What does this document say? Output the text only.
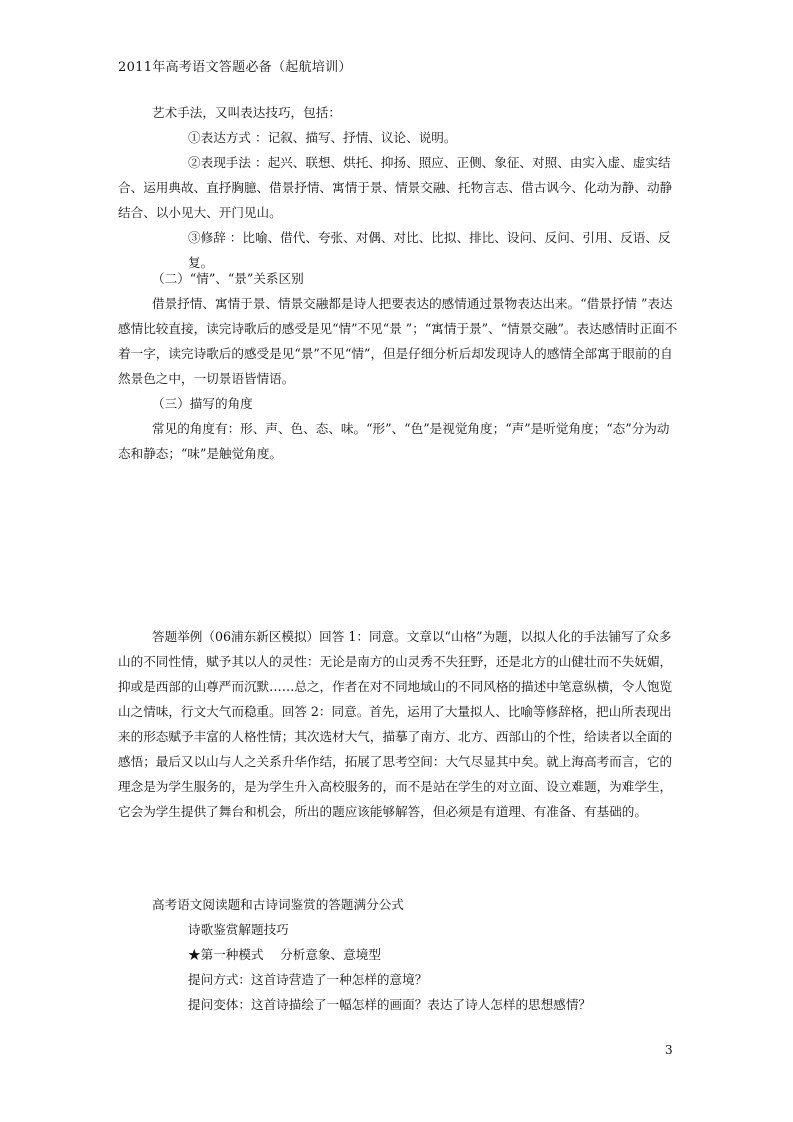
2011年高考语文答题必备（起航培训）

艺术手法，又叫表达技巧，包括：

①表达方式 ：记叙、描写、抒情、议论、说明。

②表现手法 ：起兴、联想、烘托、抑扬、照应、正侧、象征、对照、由实入虚、虚实结合、运用典故、直抒胸臆、借景抒情、寓情于景、情景交融、托物言志、借古讽今、化动为静、动静结合、以小见大、开门见山。

③修辞 ：比喻、借代、夸张、对偶、对比、比拟、排比、设问、反问、引用、反语、反复。

（二）“情”、“景”关系区别

借景抒情、寓情于景、情景交融都是诗人把要表达的感情通过景物表达出来。“借景抒情 ”表达感情比较直接，读完诗歌后的感受是见“情”不见“景 ”；“寓情于景”、“情景交融”。表达感情时正面不着一字，读完诗歌后的感受是见“景”不见“情”，但是仔细分析后却发现诗人的感情全部寓于眼前的自然景色之中，一切景语皆情语。

（三）描写的角度

常见的角度有：形、声、色、态、味。“形”、“色”是视觉角度；“声”是听觉角度；“态”分为动态和静态；“味”是触觉角度。

答题举例（06浦东新区模拟）回答 1：同意。文章以“山格”为题，以拟人化的手法铺写了众多山的不同性情，赋予其以人的灵性：无论是南方的山灵秀不失狂野，还是北方的山健壮而不失妩媚，抑或是西部的山尊严而沉默……总之，作者在对不同地域山的不同风格的描述中笔意纵横，令人饱览山之情味，行文大气而稳重。回答 2：同意。首先，运用了大量拟人、比喻等修辞格，把山所表现出来的形态赋予丰富的人格性情；其次选材大气，描摹了南方、北方、西部山的个性，给读者以全面的感悟；最后又以山与人之关系升华作结，拓展了思考空间：大气尽显其中矣。就上海高考而言，它的理念是为学生服务的，是为学生升入高校服务的，而不是站在学生的对立面、设立难题，为难学生，它会为学生提供了舞台和机会，所出的题应该能够解答，但必须是有道理、有准备、有基础的。

高考语文阅读题和古诗词鉴赏的答题满分公式

诗歌鉴赏解题技巧

★第一种模式　 分析意象、意境型

提问方式：这首诗营造了一种怎样的意境？

提问变体：这首诗描绘了一幅怎样的画面？表达了诗人怎样的思想感情？

3
